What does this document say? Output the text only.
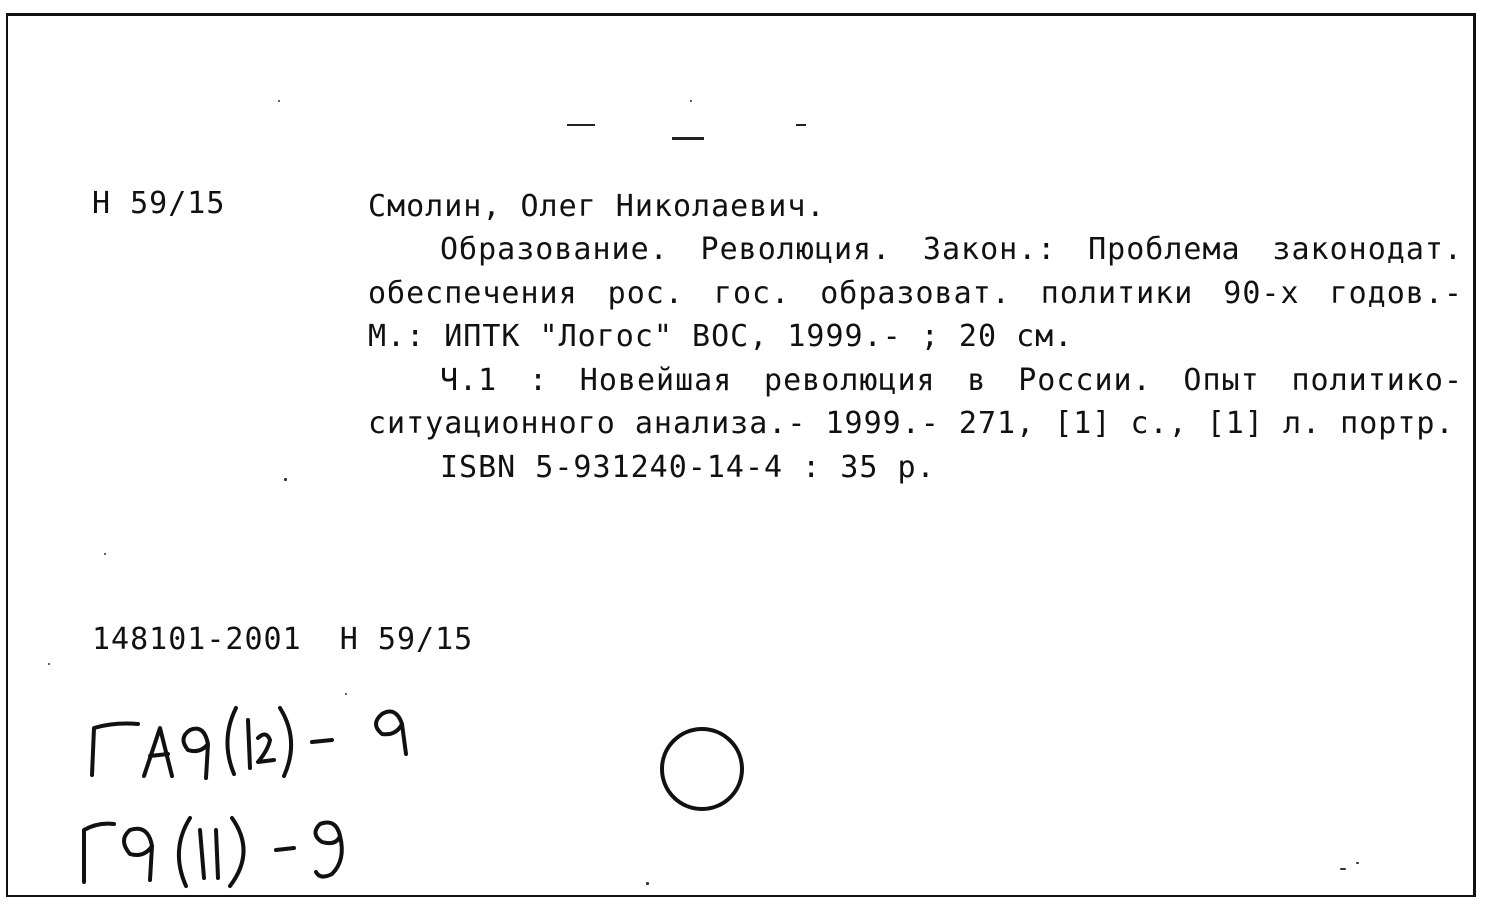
Н 59/15	Смолин, Олег Николаевич.

Образование. Революция. Закон.: Проблема законодат. обеспечения рос. гос. образоват. политики 90-х годов.- М.: ИПТК "Логос" ВОС, 1999.- ; 20 см.

Ч.1 : Новейшая революция в России. Опыт политико- ситуационного анализа.- 1999.- 271, [1] с., [1] л. портр.

ISBN 5-931240-14-4 : 35 р.

148101-2001  Н 59/15
